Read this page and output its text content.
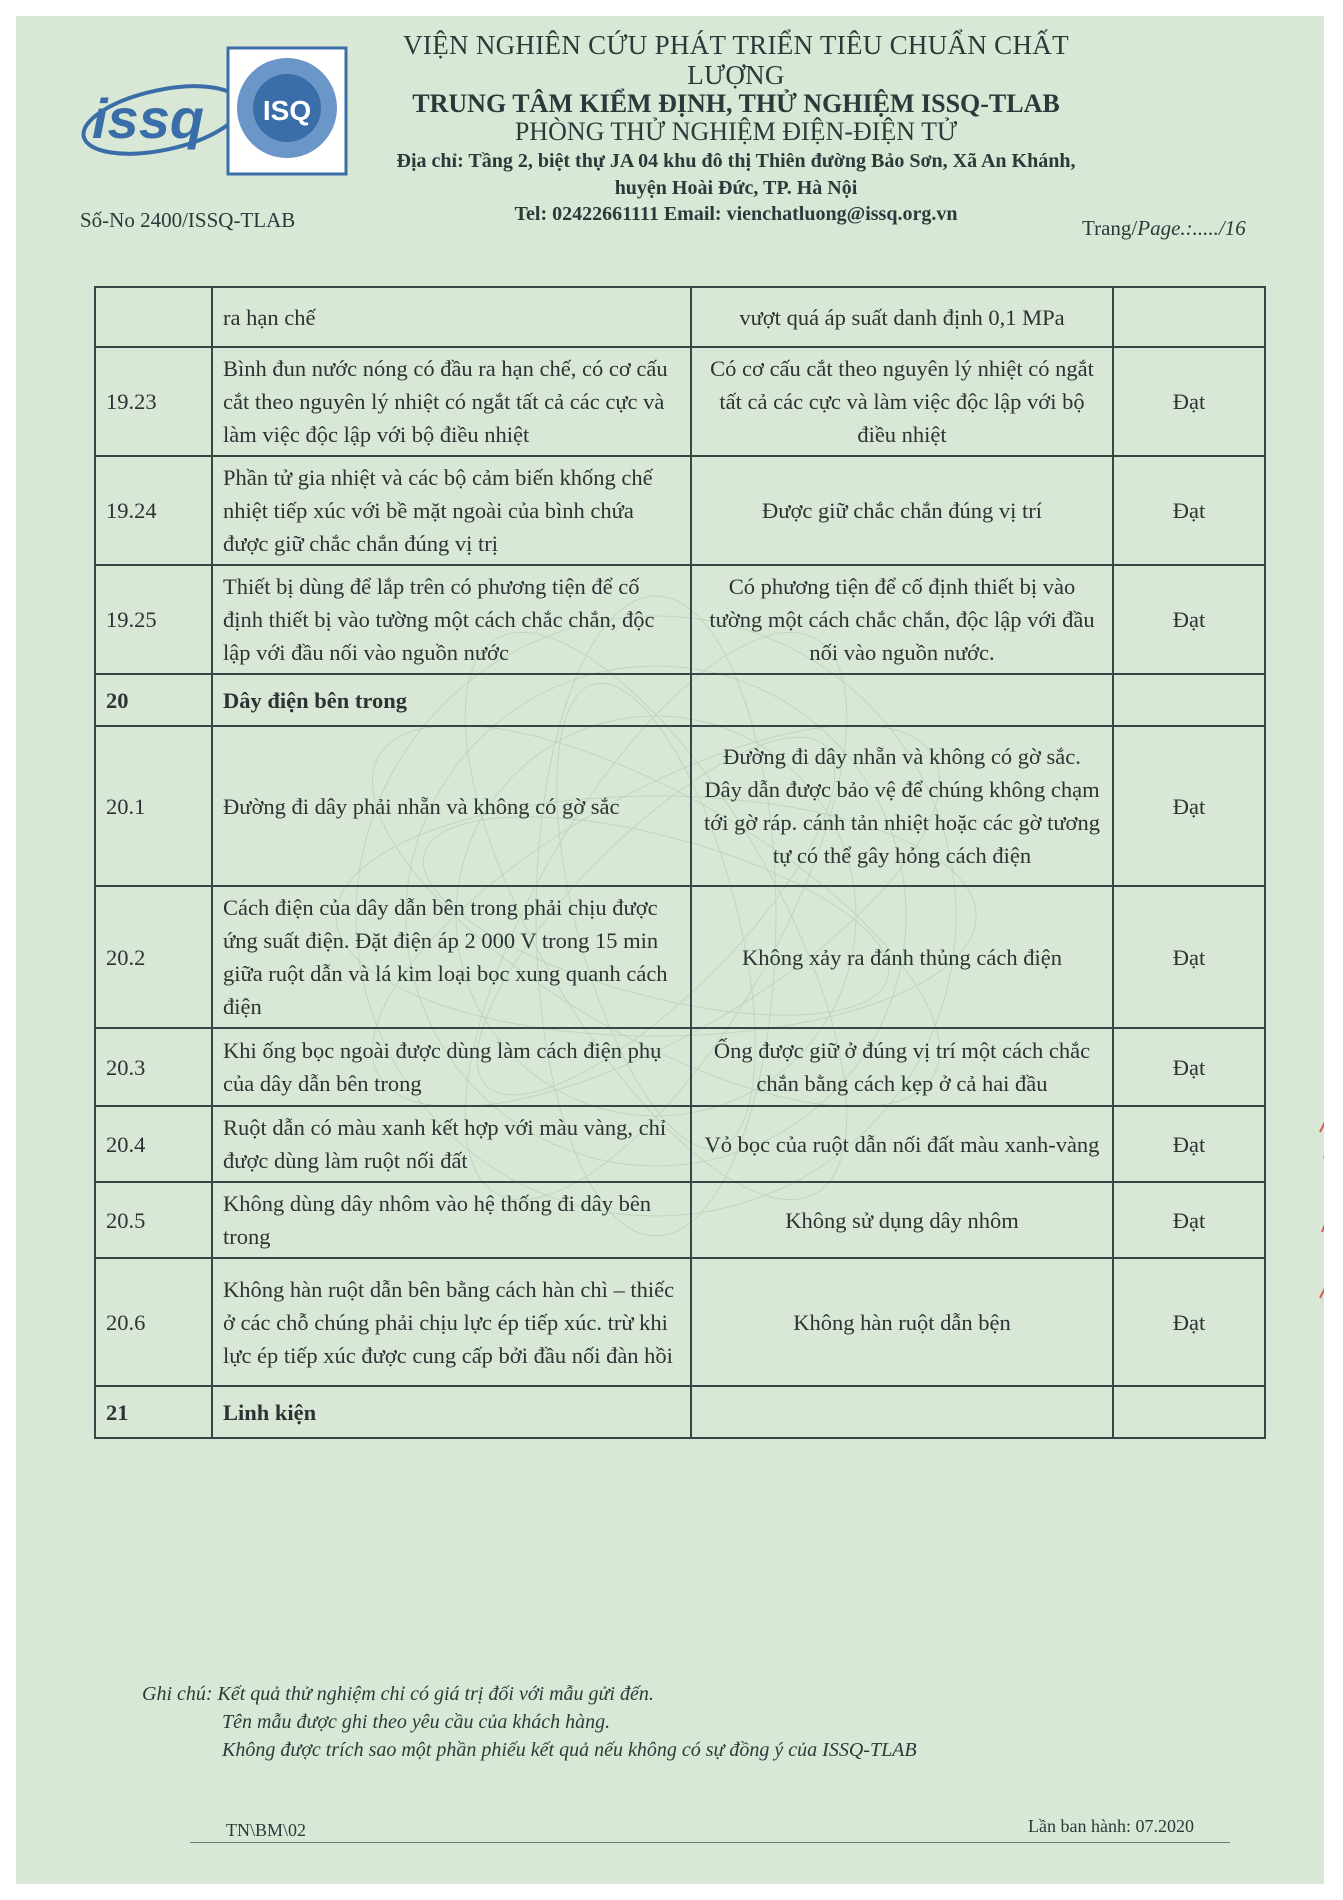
issq ISQ
VIỆN NGHIÊN CỨU PHÁT TRIỂN TIÊU CHUẨN CHẤT LƯỢNG
TRUNG TÂM KIỂM ĐỊNH, THỬ NGHIỆM ISSQ-TLAB
PHÒNG THỬ NGHIỆM ĐIỆN-ĐIỆN TỬ
Địa chỉ: Tầng 2, biệt thự JA 04 khu đô thị Thiên đường Bảo Sơn, Xã An Khánh,
huyện Hoài Đức, TP. Hà Nội
Tel: 02422661111 Email: vienchatluong@issq.org.vn
Số-No 2400/ISSQ-TLAB	Trang/Page.:...../16
	ra hạn chế	vượt quá áp suất danh định 0,1 MPa	
19.23	Bình đun nước nóng có đầu ra hạn chế, có cơ cấu cắt theo nguyên lý nhiệt có ngắt tất cả các cực và làm việc độc lập với bộ điều nhiệt	Có cơ cấu cắt theo nguyên lý nhiệt có ngắt tất cả các cực và làm việc độc lập với bộ điều nhiệt	Đạt
19.24	Phần tử gia nhiệt và các bộ cảm biến khống chế nhiệt tiếp xúc với bề mặt ngoài của bình chứa được giữ chắc chắn đúng vị trị	Được giữ chắc chắn đúng vị trí	Đạt
19.25	Thiết bị dùng để lắp trên có phương tiện để cố định thiết bị vào tường một cách chắc chắn, độc lập với đầu nối vào nguồn nước	Có phương tiện để cố định thiết bị vào tường một cách chắc chắn, độc lập với đầu nối vào nguồn nước.	Đạt
20	Dây điện bên trong		
20.1	Đường đi dây phải nhẵn và không có gờ sắc	Đường đi dây nhẵn và không có gờ sắc. Dây dẫn được bảo vệ để chúng không chạm tới gờ ráp. cánh tản nhiệt hoặc các gờ tương tự có thể gây hỏng cách điện	Đạt
20.2	Cách điện của dây dẫn bên trong phải chịu được ứng suất điện. Đặt điện áp 2 000 V trong 15 min giữa ruột dẫn và lá kim loại bọc xung quanh cách điện	Không xảy ra đánh thủng cách điện	Đạt
20.3	Khi ống bọc ngoài được dùng làm cách điện phụ của dây dẫn bên trong	Ống được giữ ở đúng vị trí một cách chắc chắn bằng cách kẹp ở cả hai đầu	Đạt
20.4	Ruột dẫn có màu xanh kết hợp với màu vàng, chỉ được dùng làm ruột nối đất	Vỏ bọc của ruột dẫn nối đất màu xanh-vàng	Đạt
20.5	Không dùng dây nhôm vào hệ thống đi dây bên trong	Không sử dụng dây nhôm	Đạt
20.6	Không hàn ruột dẫn bên bằng cách hàn chì – thiếc ở các chỗ chúng phải chịu lực ép tiếp xúc. trừ khi lực ép tiếp xúc được cung cấp bởi đầu nối đàn hồi	Không hàn ruột dẫn bện	Đạt
21	Linh kiện		
Ghi chú: Kết quả thử nghiệm chỉ có giá trị đối với mẫu gửi đến.
Tên mẫu được ghi theo yêu cầu của khách hàng.
Không được trích sao một phần phiếu kết quả nếu không có sự đồng ý của ISSQ-TLAB
TN\BM\02	Lần ban hành: 07.2020
